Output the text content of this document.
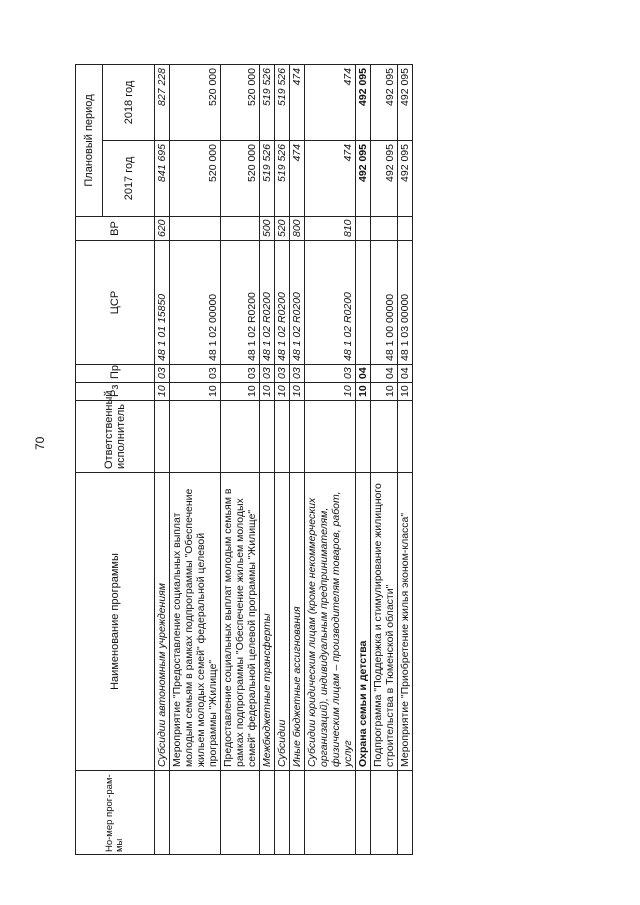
70
Но-мер прог-рам-мы	Наименование программы	Ответственный исполнитель	Рз	Пр	ЦСР	ВР	Плановый период	
							2017 год	2018 год
	Субсидии автономным учреждениям		10	03	48 1 01 15850	620	841 695	827 228
	Мероприятие "Предоставление социальных выплат молодым семьям в рамках подпрограммы "Обеспечение жильем молодых семей" федеральной целевой программы "Жилище"		10	03	48 1 02 00000		520 000	520 000
	Предоставление социальных выплат молодым семьям в рамках подпрограммы "Обеспечение жильем молодых семей" федеральной целевой программы "Жилище"		10	03	48 1 02 R0200		520 000	520 000
	Межбюджетные трансферты		10	03	48 1 02 R0200	500	519 526	519 526
	Субсидии		10	03	48 1 02 R0200	520	519 526	519 526
	Иные бюджетные ассигнования		10	03	48 1 02 R0200	800	474	474
	Субсидии юридическим лицам (кроме некоммерческих организаций), индивидуальным предпринимателям, физическим лицам – производителям товаров, работ, услуг		10	03	48 1 02 R0200	810	474	474
	Охрана семьи и детства		10	04			492 095	492 095
	Подпрограмма "Поддержка и стимулирование жилищного строительства в Тюменской области"		10	04	48 1 00 00000		492 095	492 095
	Мероприятие "Приобретение жилья эконом-класса"		10	04	48 1 03 00000		492 095	492 095
